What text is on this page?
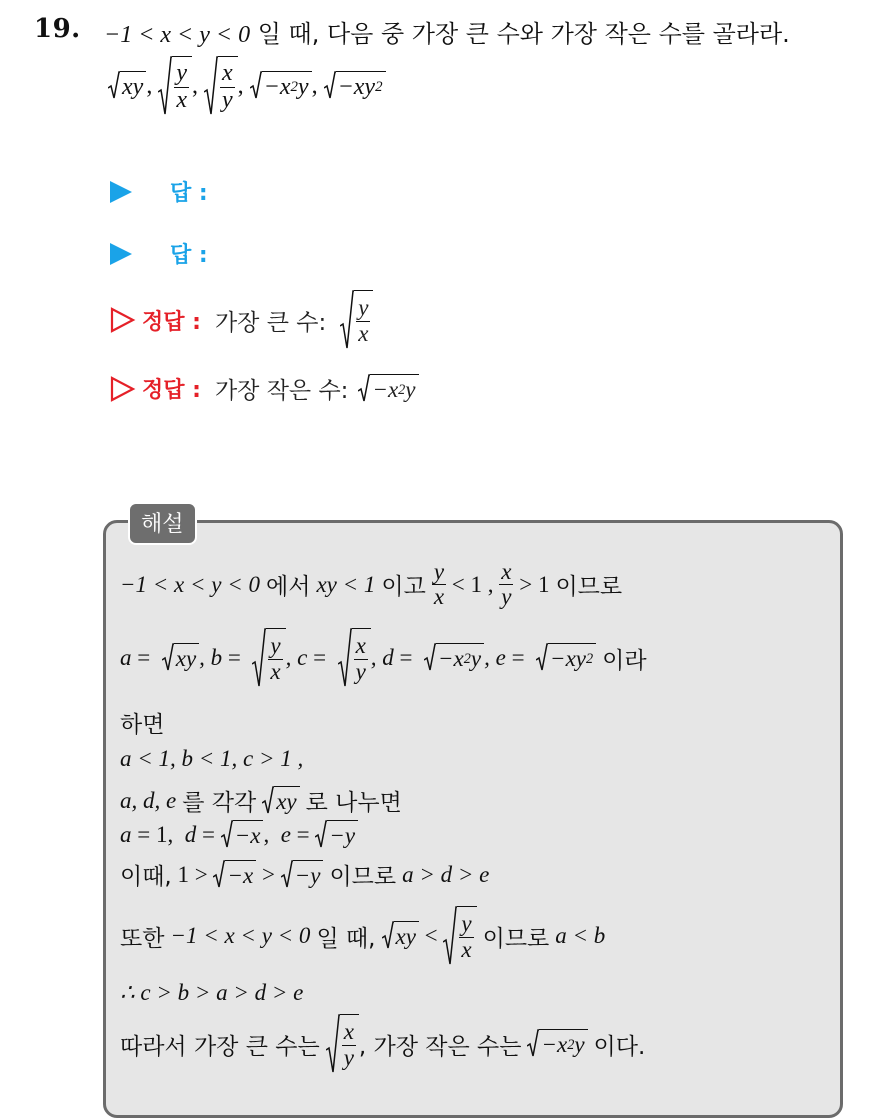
19. −1 < x < y < 0 일 때, 다음 중 가장 큰 수와 가장 작은 수를 골라라.
xy , $\frac{y}{x}$ , $\frac{x}{y}$ , −x 2 y , −xy 2
답 :
답 :
정답 : 가장 큰 수: $\frac{y}{x}$
정답 : 가장 작은 수: −x 2 y
해설
−1 < x < y < 0 에서 xy < 1 이고 $\frac{y}{x} < 1$ , $\frac{x}{y} > 1$ 이므로
a = xy , $b = \frac{y}{x}$ , $c = \frac{x}{y}$ , d = −x 2 y , e = −xy 2 이라
하면
a < 1, b < 1, c > 1 ,
a, d, e 를 각각 xy 로 나누면
a = 1, d = −x , e = −y
이때, 1 > −x > −y 이므로 a > d > e
또한 −1 < x < y < 0 일 때, xy < $\frac{y}{x}$ 이므로 a < b
∴ c > b > a > d > e
따라서 가장 큰 수는 $\frac{x}{y}$ , 가장 작은 수는 −x 2 y 이다.
